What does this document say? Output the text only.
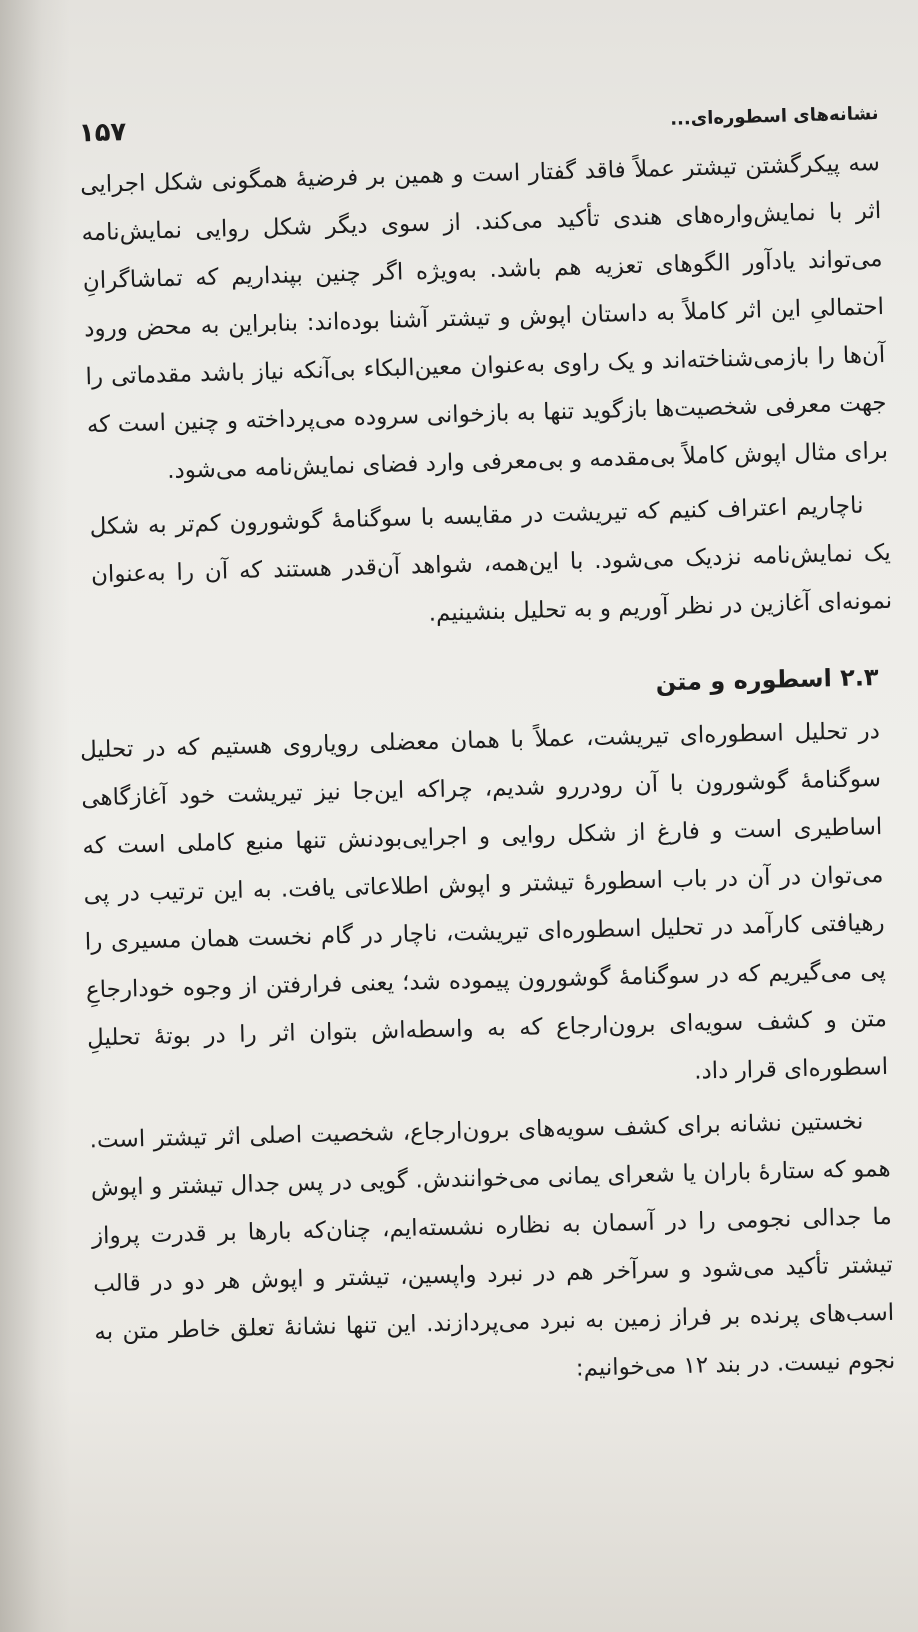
نشانه‌های اسطوره‌ای...
۱۵۷

سه پیکرگشتن تیشتر عملاً فاقد گفتار است و همین بر فرضیهٔ همگونی شکل اجرایی اثر با نمایش‌واره‌های هندی تأکید می‌کند. از سوی دیگر شکل روایی نمایش‌نامه می‌تواند یادآور الگوهای تعزیه هم باشد. به‌ویژه اگر چنین بپنداریم که تماشاگرانِ احتمالیِ این اثر کاملاً به داستان اپوش و تیشتر آشنا بوده‌اند: بنابراین به محض ورود آن‌ها را بازمی‌شناخته‌اند و یک راوی به‌عنوان معین‌البکاء بی‌آنکه نیاز باشد مقدماتی را جهت معرفی شخصیت‌ها بازگوید تنها به بازخوانی سروده می‌پرداخته و چنین است که برای مثال اپوش کاملاً بی‌مقدمه و بی‌معرفی وارد فضای نمایش‌نامه می‌شود.

ناچاریم اعتراف کنیم که تیریشت در مقایسه با سوگنامهٔ گوشورون کم‌تر به شکل یک نمایش‌نامه نزدیک می‌شود. با این‌همه، شواهد آن‌قدر هستند که آن را به‌عنوان نمونه‌ای آغازین در نظر آوریم و به تحلیل بنشینیم.

۲.۳ اسطوره و متن

در تحلیل اسطوره‌ای تیریشت، عملاً با همان معضلی رویاروی هستیم که در تحلیل سوگنامهٔ گوشورون با آن رودررو شدیم، چراکه این‌جا نیز تیریشت خود آغازگاهی اساطیری است و فارغ از شکل روایی و اجرایی‌بودنش تنها منبع کاملی است که می‌توان در آن در باب اسطورهٔ تیشتر و اپوش اطلاعاتی یافت. به این ترتیب در پی رهیافتی کارآمد در تحلیل اسطوره‌ای تیریشت، ناچار در گام نخست همان مسیری را پی می‌گیریم که در سوگنامهٔ گوشورون پیموده شد؛ یعنی فرارفتن از وجوه خودارجاعِ متن و کشف سویه‌ای برون‌ارجاع که به واسطه‌اش بتوان اثر را در بوتهٔ تحلیلِ اسطوره‌ای قرار داد.

نخستین نشانه برای کشف سویه‌های برون‌ارجاع، شخصیت اصلی اثر تیشتر است. همو که ستارهٔ باران یا شعرای یمانی می‌خوانندش. گویی در پس جدال تیشتر و اپوش ما جدالی نجومی را در آسمان به نظاره نشسته‌ایم، چنان‌که بارها بر قدرت پرواز تیشتر تأکید می‌شود و سرآخر هم در نبرد واپسین، تیشتر و اپوش هر دو در قالب اسب‌های پرنده بر فراز زمین به نبرد می‌پردازند. این تنها نشانهٔ تعلق خاطر متن به نجوم نیست. در بند ۱۲ می‌خوانیم:
